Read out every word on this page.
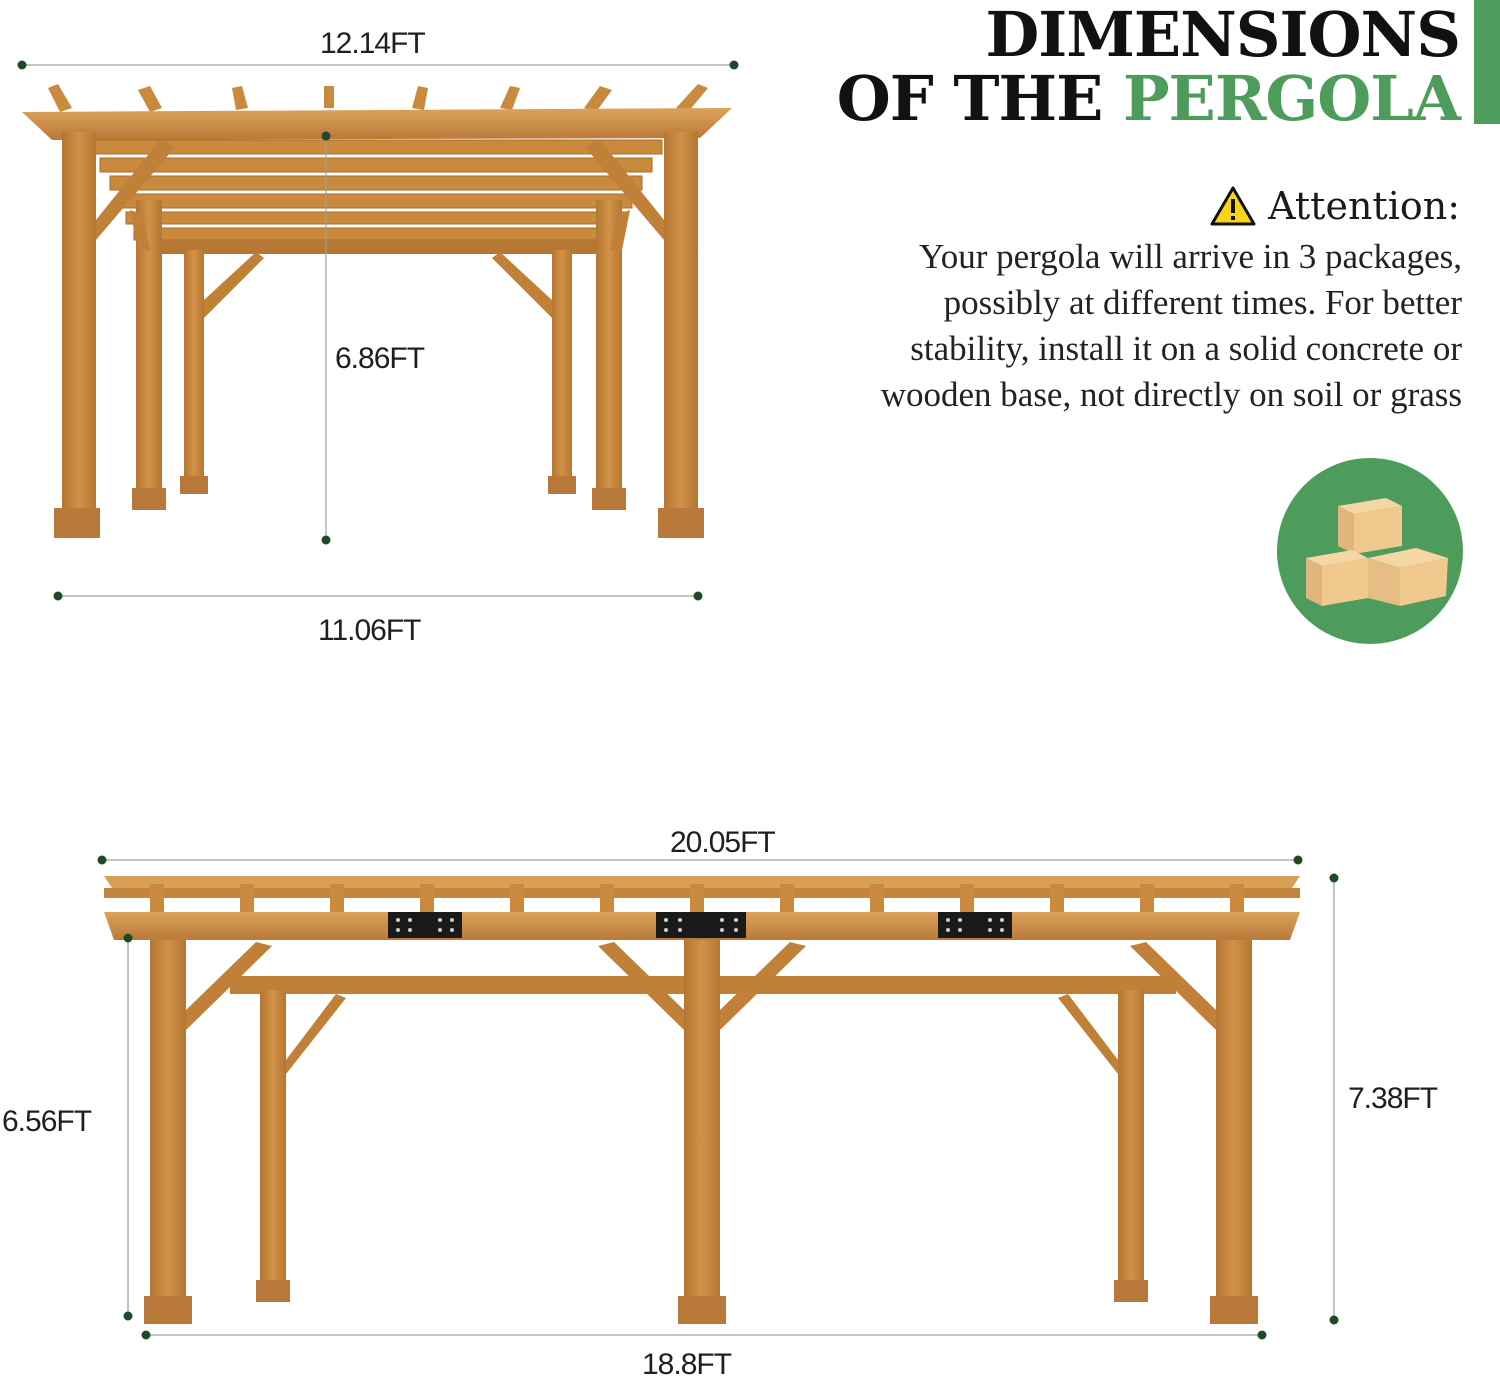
DIMENSIONS
OF THE PERGOLA
Attention:
Your pergola will arrive in 3 packages, possibly at different times. For better stability, install it on a solid concrete or wooden base, not directly on soil or grass
12.14FT
6.86FT
11.06FT
20.05FT
6.56FT
7.38FT
18.8FT
